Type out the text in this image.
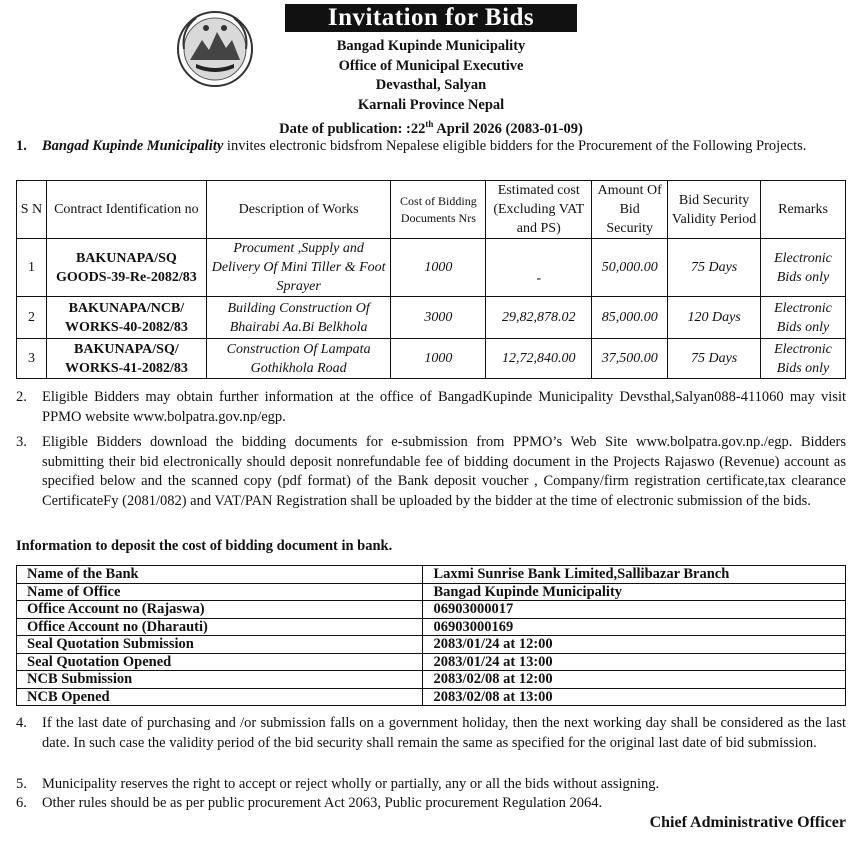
Invitation for Bids
Bangad Kupinde Municipality
Office of Municipal Executive
Devasthal, Salyan
Karnali Province Nepal
Date of publication: :22th April 2026 (2083-01-09)
1.	Bangad Kupinde Municipality invites electronic bidsfrom Nepalese eligible bidders for the Procurement of the Following Projects.
S N	Contract Identification no	Description of Works	Cost of Bidding Documents Nrs	Estimated cost (Excluding VAT and PS)	Amount Of Bid Security	Bid Security Validity Period	Remarks
1	BAKUNAPA/SQ GOODS-39-Re-2082/83	Procument ,Supply and Delivery Of Mini Tiller & Foot Sprayer	1000	-	50,000.00	75 Days	Electronic Bids only
2	BAKUNAPA/NCB/ WORKS-40-2082/83	Building Construction Of Bhairabi Aa.Bi Belkhola	3000	29,82,878.02	85,000.00	120 Days	Electronic Bids only
3	BAKUNAPA/SQ/ WORKS-41-2082/83	Construction Of Lampata Gothikhola Road	1000	12,72,840.00	37,500.00	75 Days	Electronic Bids only
2.	Eligible Bidders may obtain further information at the office of BangadKupinde Municipality Devsthal,Salyan088-411060 may visit PPMO website www.bolpatra.gov.np/egp.
3.	Eligible Bidders download the bidding documents for e-submission from PPMO’s Web Site www.bolpatra.gov.np./egp. Bidders submitting their bid electronically should deposit nonrefundable fee of bidding document in the Projects Rajaswo (Revenue) account as specified below and the scanned copy (pdf format) of the Bank deposit voucher , Company/firm registration certificate,tax clearance CertificateFy (2081/082) and VAT/PAN Registration shall be uploaded by the bidder at the time of electronic submission of the bids.
Information to deposit the cost of bidding document in bank.
Name of the Bank	Laxmi Sunrise Bank Limited,Sallibazar Branch
Name of Office	Bangad Kupinde Municipality
Office Account no (Rajaswa)	06903000017
Office Account no (Dharauti)	06903000169
Seal Quotation Submission	2083/01/24 at 12:00
Seal Quotation Opened	2083/01/24 at 13:00
NCB Submission	2083/02/08 at 12:00
NCB Opened	2083/02/08 at 13:00
4.	If the last date of purchasing and /or submission falls on a government holiday, then the next working day shall be considered as the last date. In such case the validity period of the bid security shall remain the same as specified for the original last date of bid submission.
5.	Municipality reserves the right to accept or reject wholly or partially, any or all the bids without assigning.
6.	Other rules should be as per public procurement Act 2063, Public procurement Regulation 2064.
Chief Administrative Officer
